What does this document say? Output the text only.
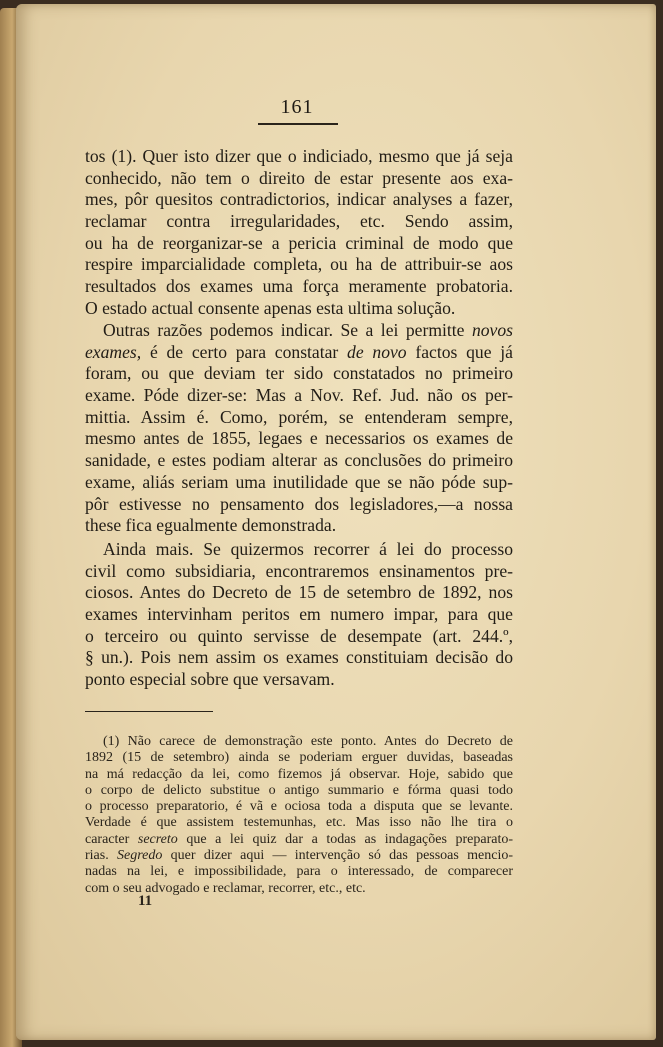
161
tos (1). Quer isto dizer que o indiciado, mesmo que já seja
conhecido, não tem o direito de estar presente aos exa-
mes, pôr quesitos contradictorios, indicar analyses a fazer,
reclamar contra irregularidades, etc. Sendo assim,
ou ha de reorganizar-se a pericia criminal de modo que
respire imparcialidade completa, ou ha de attribuir-se aos
resultados dos exames uma força meramente probatoria.
O estado actual consente apenas esta ultima solução.
Outras razões podemos indicar. Se a lei permitte novos
exames, é de certo para constatar de novo factos que já
foram, ou que deviam ter sido constatados no primeiro
exame. Póde dizer-se: Mas a Nov. Ref. Jud. não os per-
mittia. Assim é. Como, porém, se entenderam sempre,
mesmo antes de 1855, legaes e necessarios os exames de
sanidade, e estes podiam alterar as conclusões do primeiro
exame, aliás seriam uma inutilidade que se não póde sup-
pôr estivesse no pensamento dos legisladores,—a nossa
these fica egualmente demonstrada.
Ainda mais. Se quizermos recorrer á lei do processo
civil como subsidiaria, encontraremos ensinamentos pre-
ciosos. Antes do Decreto de 15 de setembro de 1892, nos
exames intervinham peritos em numero impar, para que
o terceiro ou quinto servisse de desempate (art. 244.º,
§ un.). Pois nem assim os exames constituiam decisão do
ponto especial sobre que versavam.
(1) Não carece de demonstração este ponto. Antes do Decreto de
1892 (15 de setembro) ainda se poderiam erguer duvidas, baseadas
na má redacção da lei, como fizemos já observar. Hoje, sabido que
o corpo de delicto substitue o antigo summario e fórma quasi todo
o processo preparatorio, é vã e ociosa toda a disputa que se levante.
Verdade é que assistem testemunhas, etc. Mas isso não lhe tira o
caracter secreto que a lei quiz dar a todas as indagações preparato-
rias. Segredo quer dizer aqui — intervenção só das pessoas mencio-
nadas na lei, e impossibilidade, para o interessado, de comparecer
com o seu advogado e reclamar, recorrer, etc., etc.
11
